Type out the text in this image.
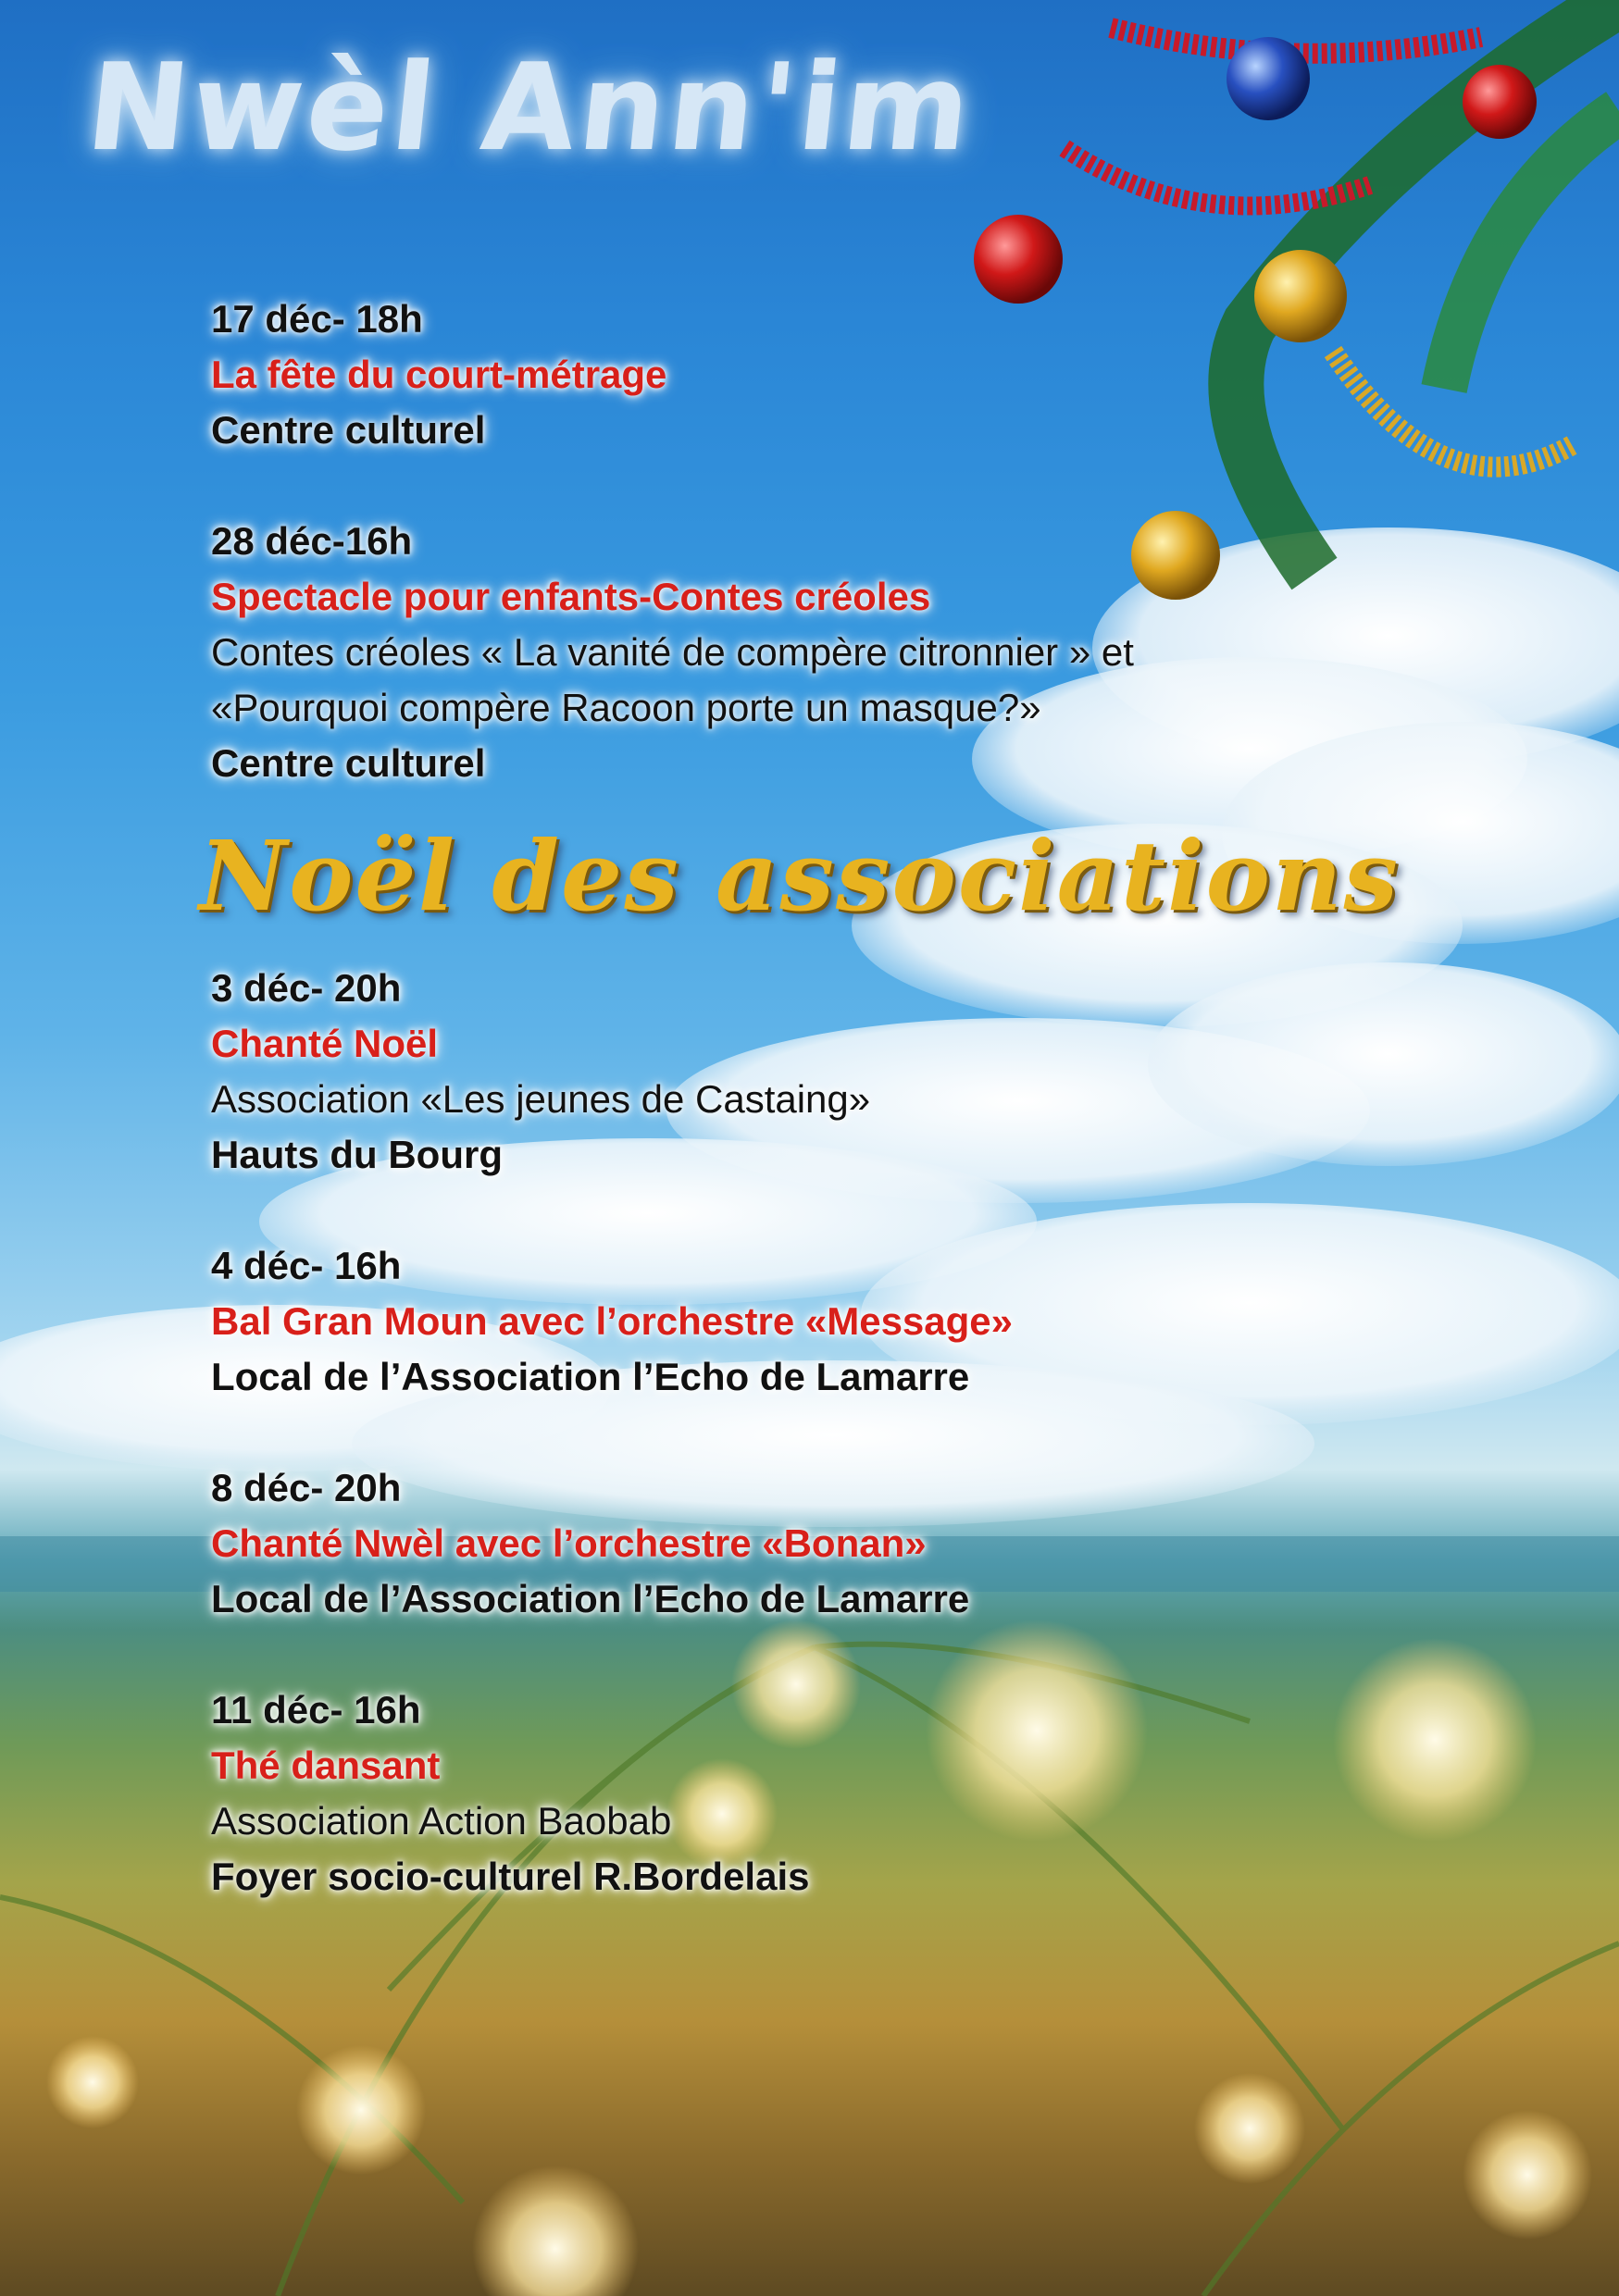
Nwèl Ann'im
17 déc- 18h
La fête du court-métrage
Centre culturel
28 déc-16h
Spectacle pour enfants-Contes créoles
Contes créoles « La vanité de compère citronnier » et
«Pourquoi compère Racoon porte un masque?»
Centre culturel
Noël des associations
3 déc- 20h
Chanté Noël
Association «Les jeunes de Castaing»
Hauts du Bourg
4 déc- 16h
Bal Gran Moun avec l’orchestre «Message»
Local de l’Association l’Echo de Lamarre
8 déc- 20h
Chanté Nwèl avec l’orchestre «Bonan»
Local de l’Association l’Echo de Lamarre
11 déc- 16h
Thé dansant
Association Action Baobab
Foyer socio-culturel R.Bordelais
